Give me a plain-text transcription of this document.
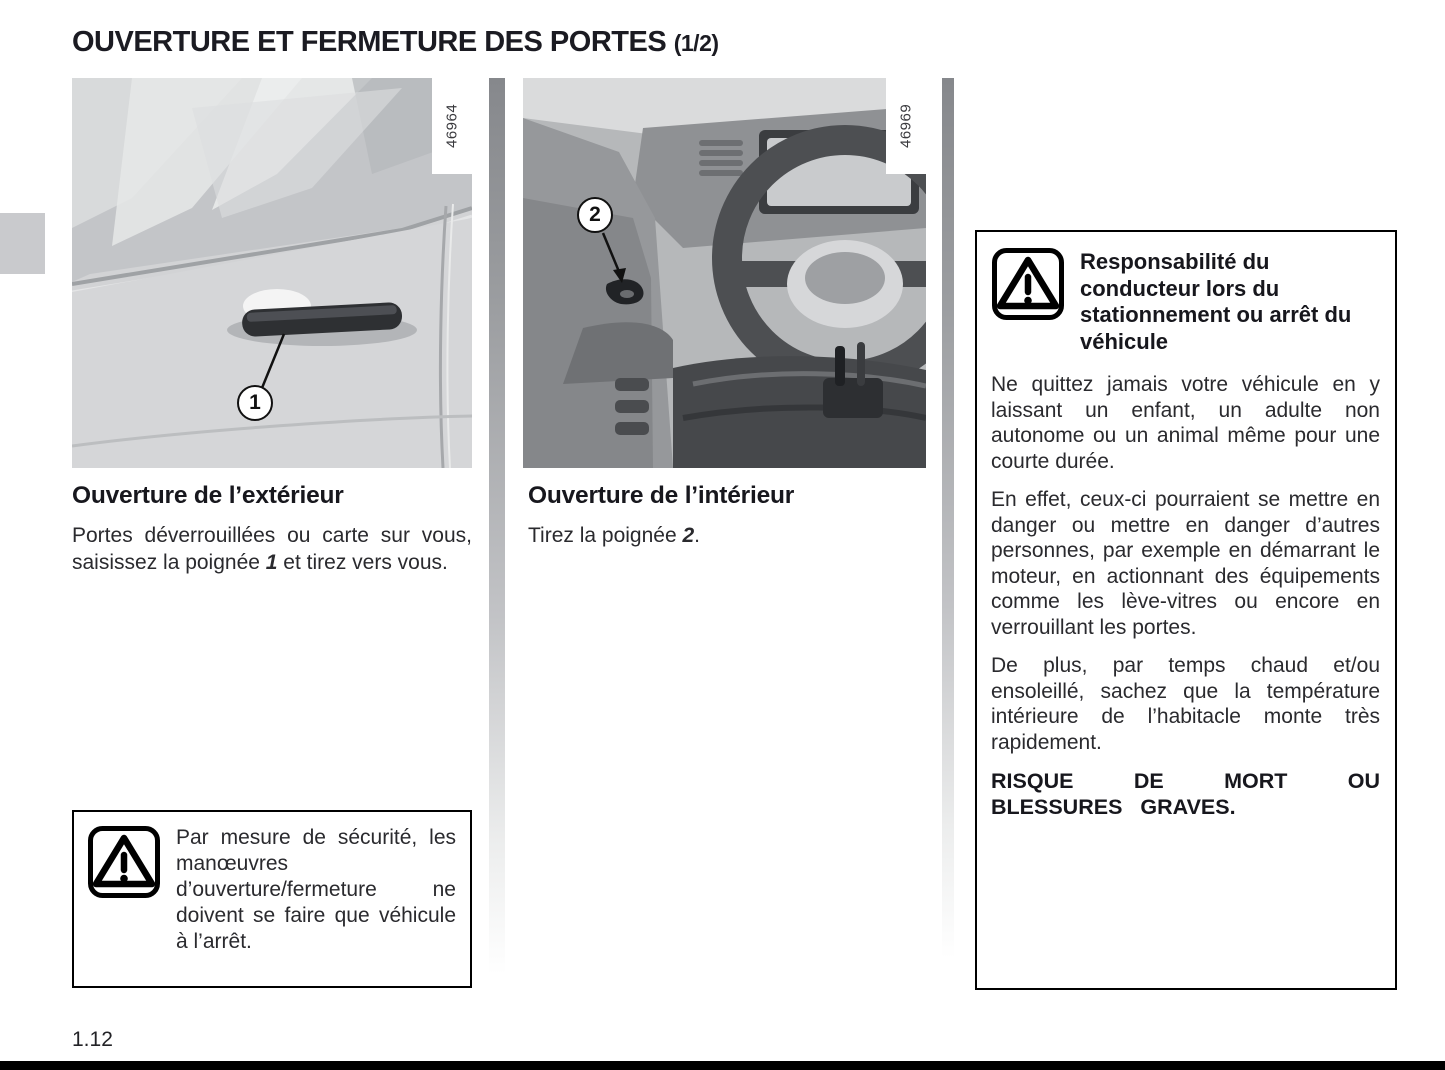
OUVERTURE ET FERMETURE DES PORTES (1/2)
46964
1
46969
2
Ouverture de l’extérieur

Portes déverrouillées ou carte sur vous, saisissez la poignée 1 et tirez vers vous.

Ouverture de l’intérieur

Tirez la poignée 2.

Responsabilité du conducteur lors du stationnement ou arrêt du véhicule

Ne quittez jamais votre véhicule en y laissant un enfant, un adulte non autonome ou un animal même pour une courte durée.

En effet, ceux-ci pourraient se mettre en danger ou mettre en danger d’autres personnes, par exemple en démarrant le moteur, en actionnant des équipements comme les lève-vitres ou encore en verrouillant les portes.

De plus, par temps chaud et/ou ensoleillé, sachez que la température intérieure de l’habitacle monte très rapidement.

RISQUE DE MORT OU BLESSURES GRAVES.

Par mesure de sécurité, les manœuvres d’ouverture/fermeture ne doivent se faire que véhicule à l’arrêt.
1.12
